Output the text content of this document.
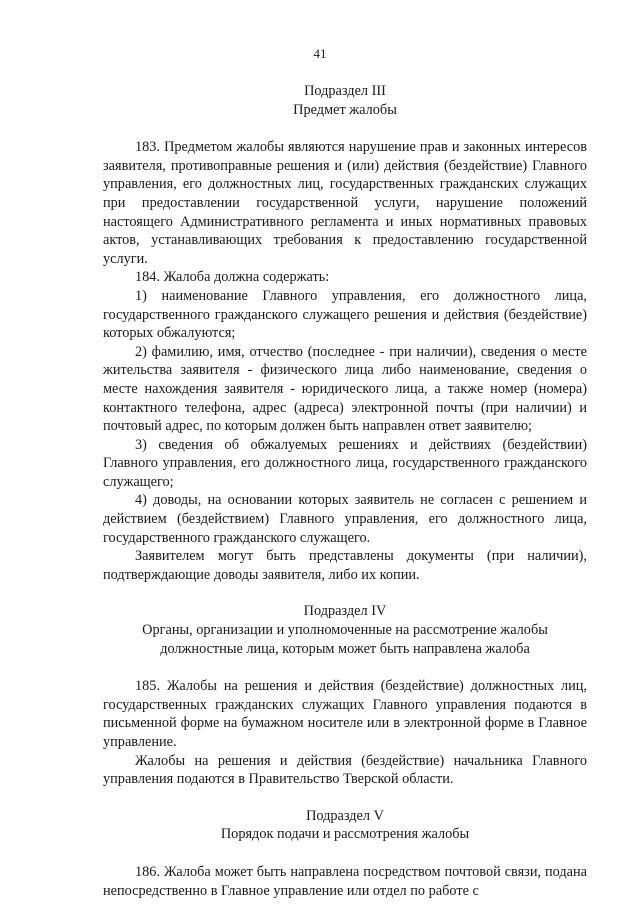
41
Подраздел III
Предмет жалобы

183. Предметом жалобы являются нарушение прав и законных интересов заявителя, противоправные решения и (или) действия (бездействие) Главного управления, его должностных лиц, государственных гражданских служащих при предоставлении государственной услуги, нарушение положений настоящего Административного регламента и иных нормативных правовых актов, устанавливающих требования к предоставлению государственной услуги.

184. Жалоба должна содержать:

1) наименование Главного управления, его должностного лица, государственного гражданского служащего решения и действия (бездействие) которых обжалуются;

2) фамилию, имя, отчество (последнее - при наличии), сведения о месте жительства заявителя - физического лица либо наименование, сведения о месте нахождения заявителя - юридического лица, а также номер (номера) контактного телефона, адрес (адреса) электронной почты (при наличии) и почтовый адрес, по которым должен быть направлен ответ заявителю;

3) сведения об обжалуемых решениях и действиях (бездействии) Главного управления, его должностного лица, государственного гражданского служащего;

4) доводы, на основании которых заявитель не согласен с решением и действием (бездействием) Главного управления, его должностного лица, государственного гражданского служащего.

Заявителем могут быть представлены документы (при наличии), подтверждающие доводы заявителя, либо их копии.

Подраздел IV
Органы, организации и уполномоченные на рассмотрение жалобы
должностные лица, которым может быть направлена жалоба

185. Жалобы на решения и действия (бездействие) должностных лиц, государственных гражданских служащих Главного управления подаются в письменной форме на бумажном носителе или в электронной форме в Главное управление.

Жалобы на решения и действия (бездействие) начальника Главного управления подаются в Правительство Тверской области.

Подраздел V
Порядок подачи и рассмотрения жалобы

186. Жалоба может быть направлена посредством почтовой связи, подана непосредственно в Главное управление или отдел по работе с
